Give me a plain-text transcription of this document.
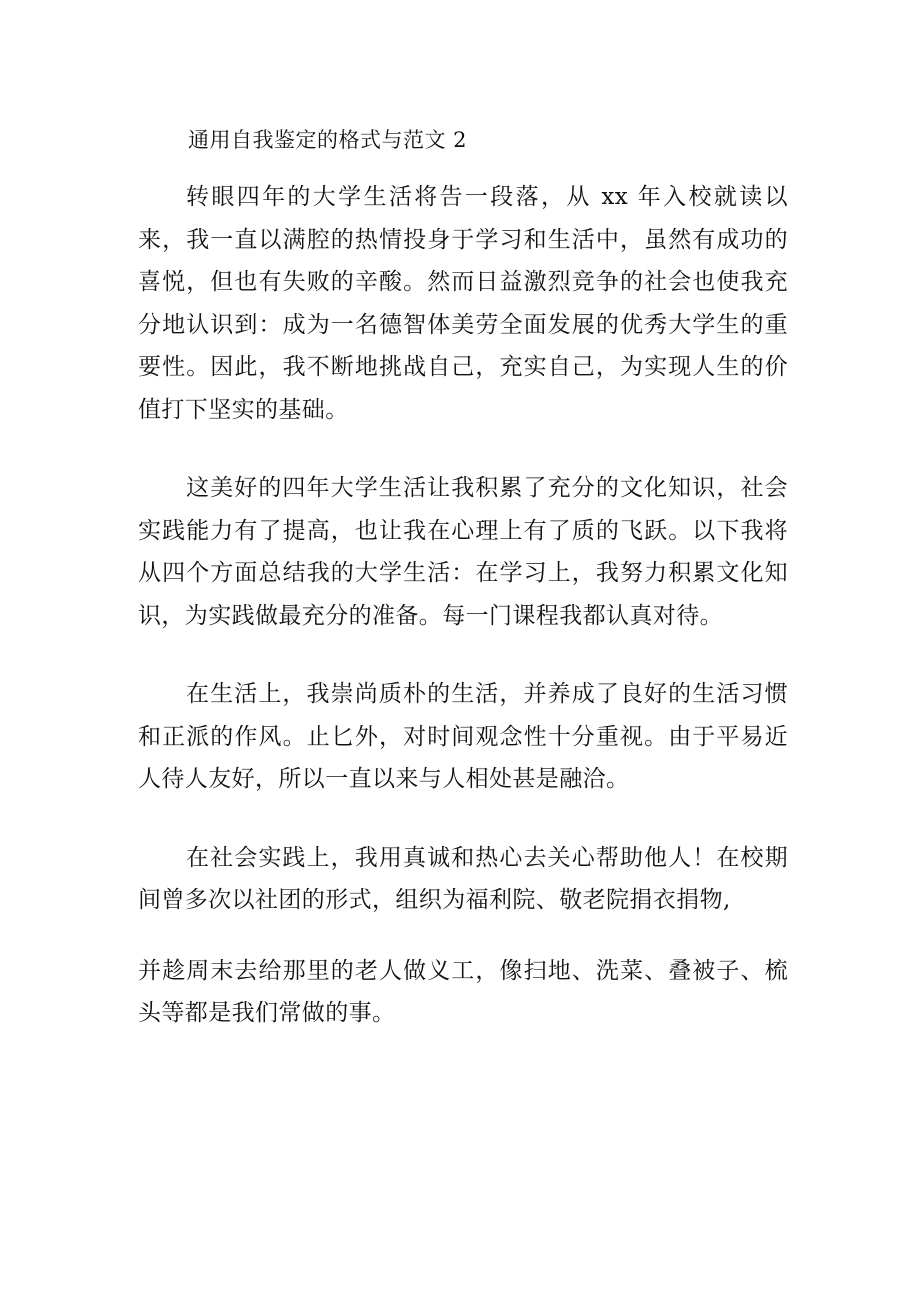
通用自我鉴定的格式与范文 2

转眼四年的大学生活将告一段落，从 xx 年入校就读以来，我一直以满腔的热情投身于学习和生活中，虽然有成功的喜悦，但也有失败的辛酸。然而日益激烈竞争的社会也使我充分地认识到：成为一名德智体美劳全面发展的优秀大学生的重要性。因此，我不断地挑战自己，充实自己，为实现人生的价值打下坚实的基础。

这美好的四年大学生活让我积累了充分的文化知识，社会实践能力有了提高，也让我在心理上有了质的飞跃。以下我将从四个方面总结我的大学生活：在学习上，我努力积累文化知识，为实践做最充分的准备。每一门课程我都认真对待。

在生活上，我崇尚质朴的生活，并养成了良好的生活习惯和正派的作风。止匕外，对时间观念性十分重视。由于平易近人待人友好，所以一直以来与人相处甚是融洽。

在社会实践上，我用真诚和热心去关心帮助他人！在校期间曾多次以社团的形式，组织为福利院、敬老院捐衣捐物,

并趁周末去给那里的老人做义工，像扫地、洗菜、叠被子、梳头等都是我们常做的事。
